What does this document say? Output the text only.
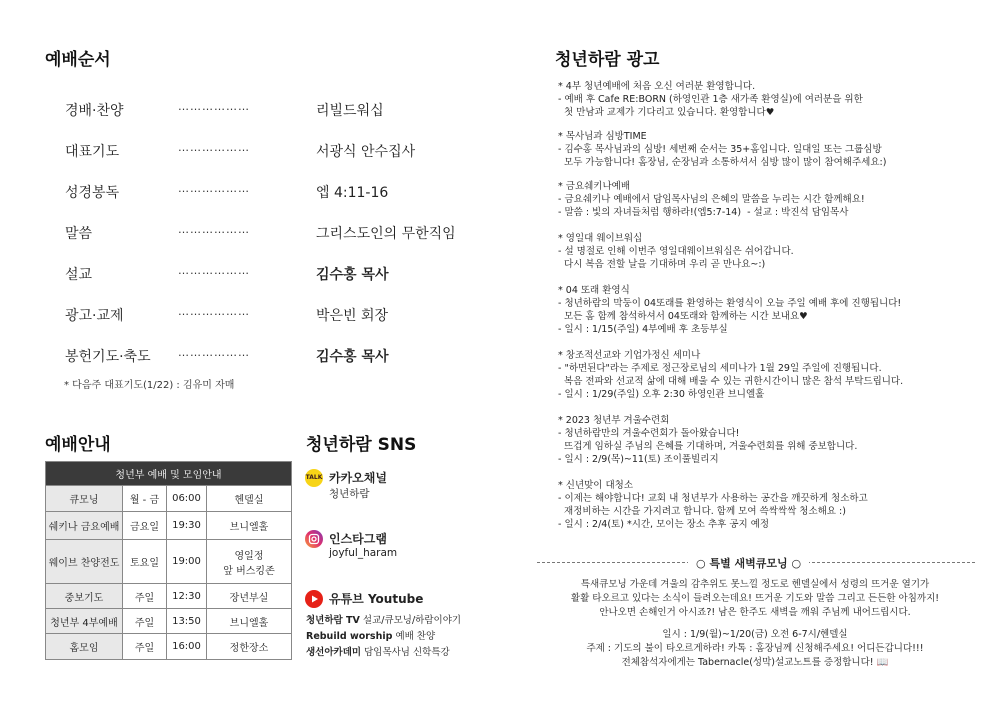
예배순서
경배·찬양	………………	리빌드워십
대표기도	………………	서광식 안수집사
성경봉독	………………	엡 4:11-16
말씀	………………	그리스도인의 무한직임
설교	………………	김수홍 목사
광고·교제	………………	박은빈 회장
봉헌기도·축도 ………………	김수홍 목사
* 다음주 대표기도(1/22) : 김유미 자매
예배안내
청년부 예배 및 모임안내			
큐모닝	월 - 금	06:00	헨델실
쉐키나 금요예배	금요일	19:30	브니엘홀
웨이브 찬양전도	토요일	19:00	영일정
앞 버스킹존

중보기도	주일	12:30	장년부실
청년부 4부예배	주일	13:50	브니엘홀
홈모임	주일	16:00	정한장소
청년하람 SNS
TALK 카카오채널
청년하람
인스타그램
joyful_haram
유튜브 Youtube
청년하람 TV 설교/큐모닝/하람이야기
Rebuild worship 예배 찬양
생선아카데미 담임목사님 신학특강
청년하람 광고
* 4부 청년예배에 처음 오신 여러분 환영합니다.
- 예배 후 Cafe RE:BORN (하영인관 1층 새가족 환영실)에 여러분을 위한
첫 만남과 교제가 기다리고 있습니다. 환영합니다♥
* 목사님과 심방TIME
- 김수홍 목사님과의 심방! 세번째 순서는 35+홈입니다. 일대일 또는 그룹심방
모두 가능합니다! 홈장님, 순장님과 소통하셔서 심방 많이 많이 참여해주세요:)
* 금요쉐키나예배
- 금요쉐키나 예배에서 담임목사님의 은혜의 말씀을 누리는 시간 함께해요!
- 말씀 : 빛의 자녀들처럼 행하라!(엡5:7-14)  - 설교 : 박진석 담임목사
* 영일대 웨이브워십
- 설 명절로 인해 이번주 영일대웨이브워십은 쉬어갑니다.
다시 복음 전할 날을 기대하며 우리 곧 만나요~:)
* 04 또래 환영식
- 청년하람의 막둥이 04또래를 환영하는 환영식이 오늘 주일 예배 후에 진행됩니다!
모든 홈 함께 참석하셔서 04또래와 함께하는 시간 보내요♥
- 일시 : 1/15(주일) 4부예배 후 초등부실
* 창조적선교와 기업가정신 세미나
- "하면된다"라는 주제로 정근장로님의 세미나가 1월 29일 주일에 진행됩니다.
복음 전파와 선교적 삶에 대해 배울 수 있는 귀한시간이니 많은 참석 부탁드립니다.
- 일시 : 1/29(주일) 오후 2:30 하영인관 브니엘홀
* 2023 청년부 겨울수련회
- 청년하람만의 겨울수련회가 돌아왔습니다!
뜨겁게 임하실 주님의 은혜를 기대하며, 겨울수련회를 위해 중보합니다.
- 일시 : 2/9(목)~11(토) 조이풀빌리지
* 신년맞이 대청소
- 이제는 해야합니다! 교회 내 청년부가 사용하는 공간을 깨끗하게 청소하고
재정비하는 시간을 가지려고 합니다. 함께 모여 쓱싹싹싹 청소해요 :)
- 일시 : 2/4(토) *시간, 모이는 장소 추후 공지 예정
○ 특별 새벽큐모닝 ○
특새큐모닝 가운데 겨울의 감추위도 못느낄 정도로 헨델실에서 성령의 뜨거운 열기가
활활 타오르고 있다는 소식이 들려오는데요! 뜨거운 기도와 말씀 그리고 든든한 아침까지!
안나오면 손해인거 아시죠?! 남은 한주도 새벽을 깨워 주님께 내어드립시다.
일시 : 1/9(월)~1/20(금) 오전 6-7시/헨델실
주제 : 기도의 불이 타오르게하라! 카톡 : 홈장님께 신청해주세요! 어디든갑니다!!!
전체참석자에게는 Tabernacle(성막)설교노트를 증정합니다! 📖
